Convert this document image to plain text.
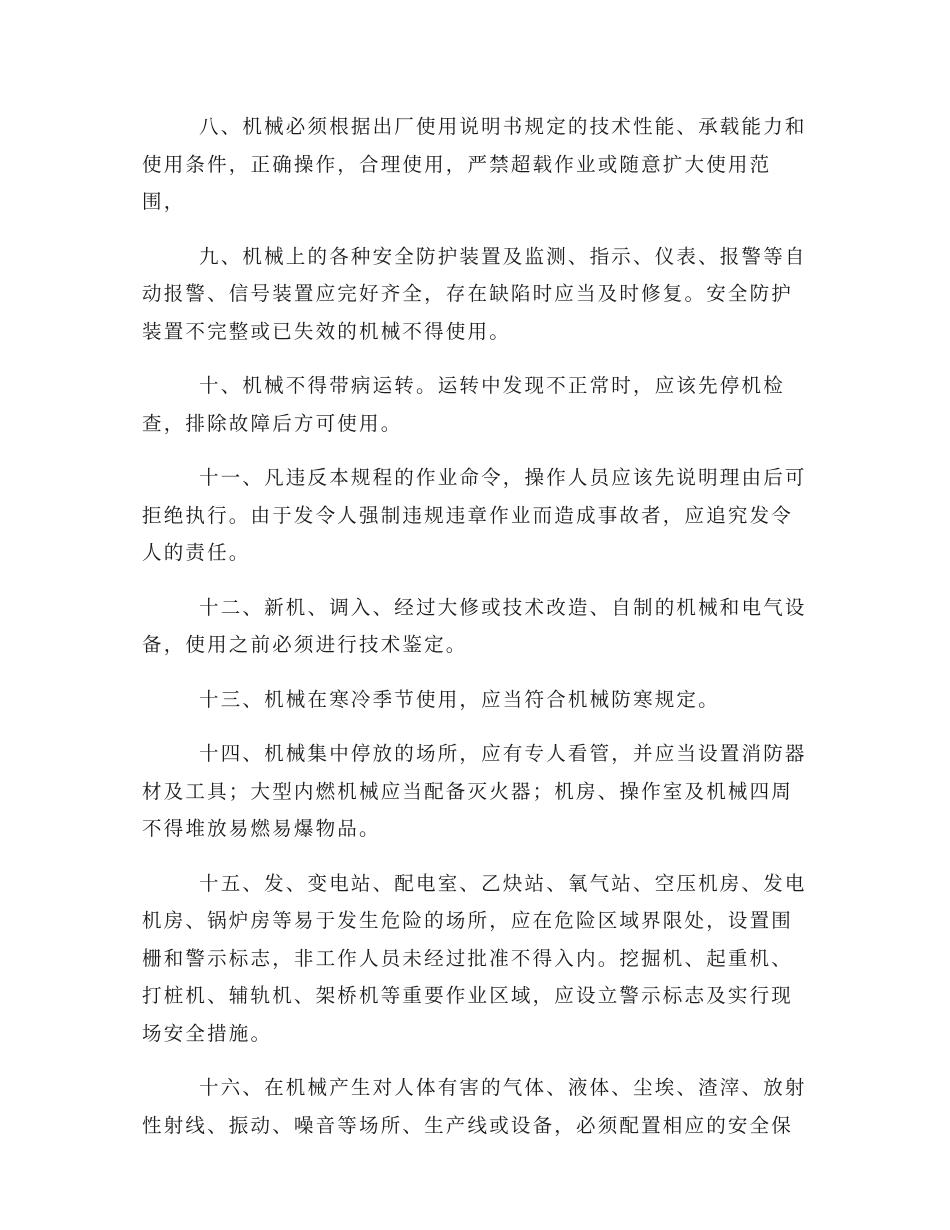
八、机械必须根据出厂使用说明书规定的技术性能、承载能力和
使用条件，正确操作，合理使用，严禁超载作业或随意扩大使用范
围，

九、机械上的各种安全防护装置及监测、指示、仪表、报警等自
动报警、信号装置应完好齐全，存在缺陷时应当及时修复。安全防护
装置不完整或已失效的机械不得使用。

十、机械不得带病运转。运转中发现不正常时，应该先停机检
查，排除故障后方可使用。

十一、凡违反本规程的作业命令，操作人员应该先说明理由后可
拒绝执行。由于发令人强制违规违章作业而造成事故者，应追究发令
人的责任。

十二、新机、调入、经过大修或技术改造、自制的机械和电气设
备，使用之前必须进行技术鉴定。

十三、机械在寒冷季节使用，应当符合机械防寒规定。

十四、机械集中停放的场所，应有专人看管，并应当设置消防器
材及工具；大型内燃机械应当配备灭火器；机房、操作室及机械四周
不得堆放易燃易爆物品。

十五、发、变电站、配电室、乙炔站、氧气站、空压机房、发电
机房、锅炉房等易于发生危险的场所，应在危险区域界限处，设置围
栅和警示标志，非工作人员未经过批准不得入内。挖掘机、起重机、
打桩机、辅轨机、架桥机等重要作业区域，应设立警示标志及实行现
场安全措施。

十六、在机械产生对人体有害的气体、液体、尘埃、渣滓、放射
性射线、振动、噪音等场所、生产线或设备，必须配置相应的安全保
